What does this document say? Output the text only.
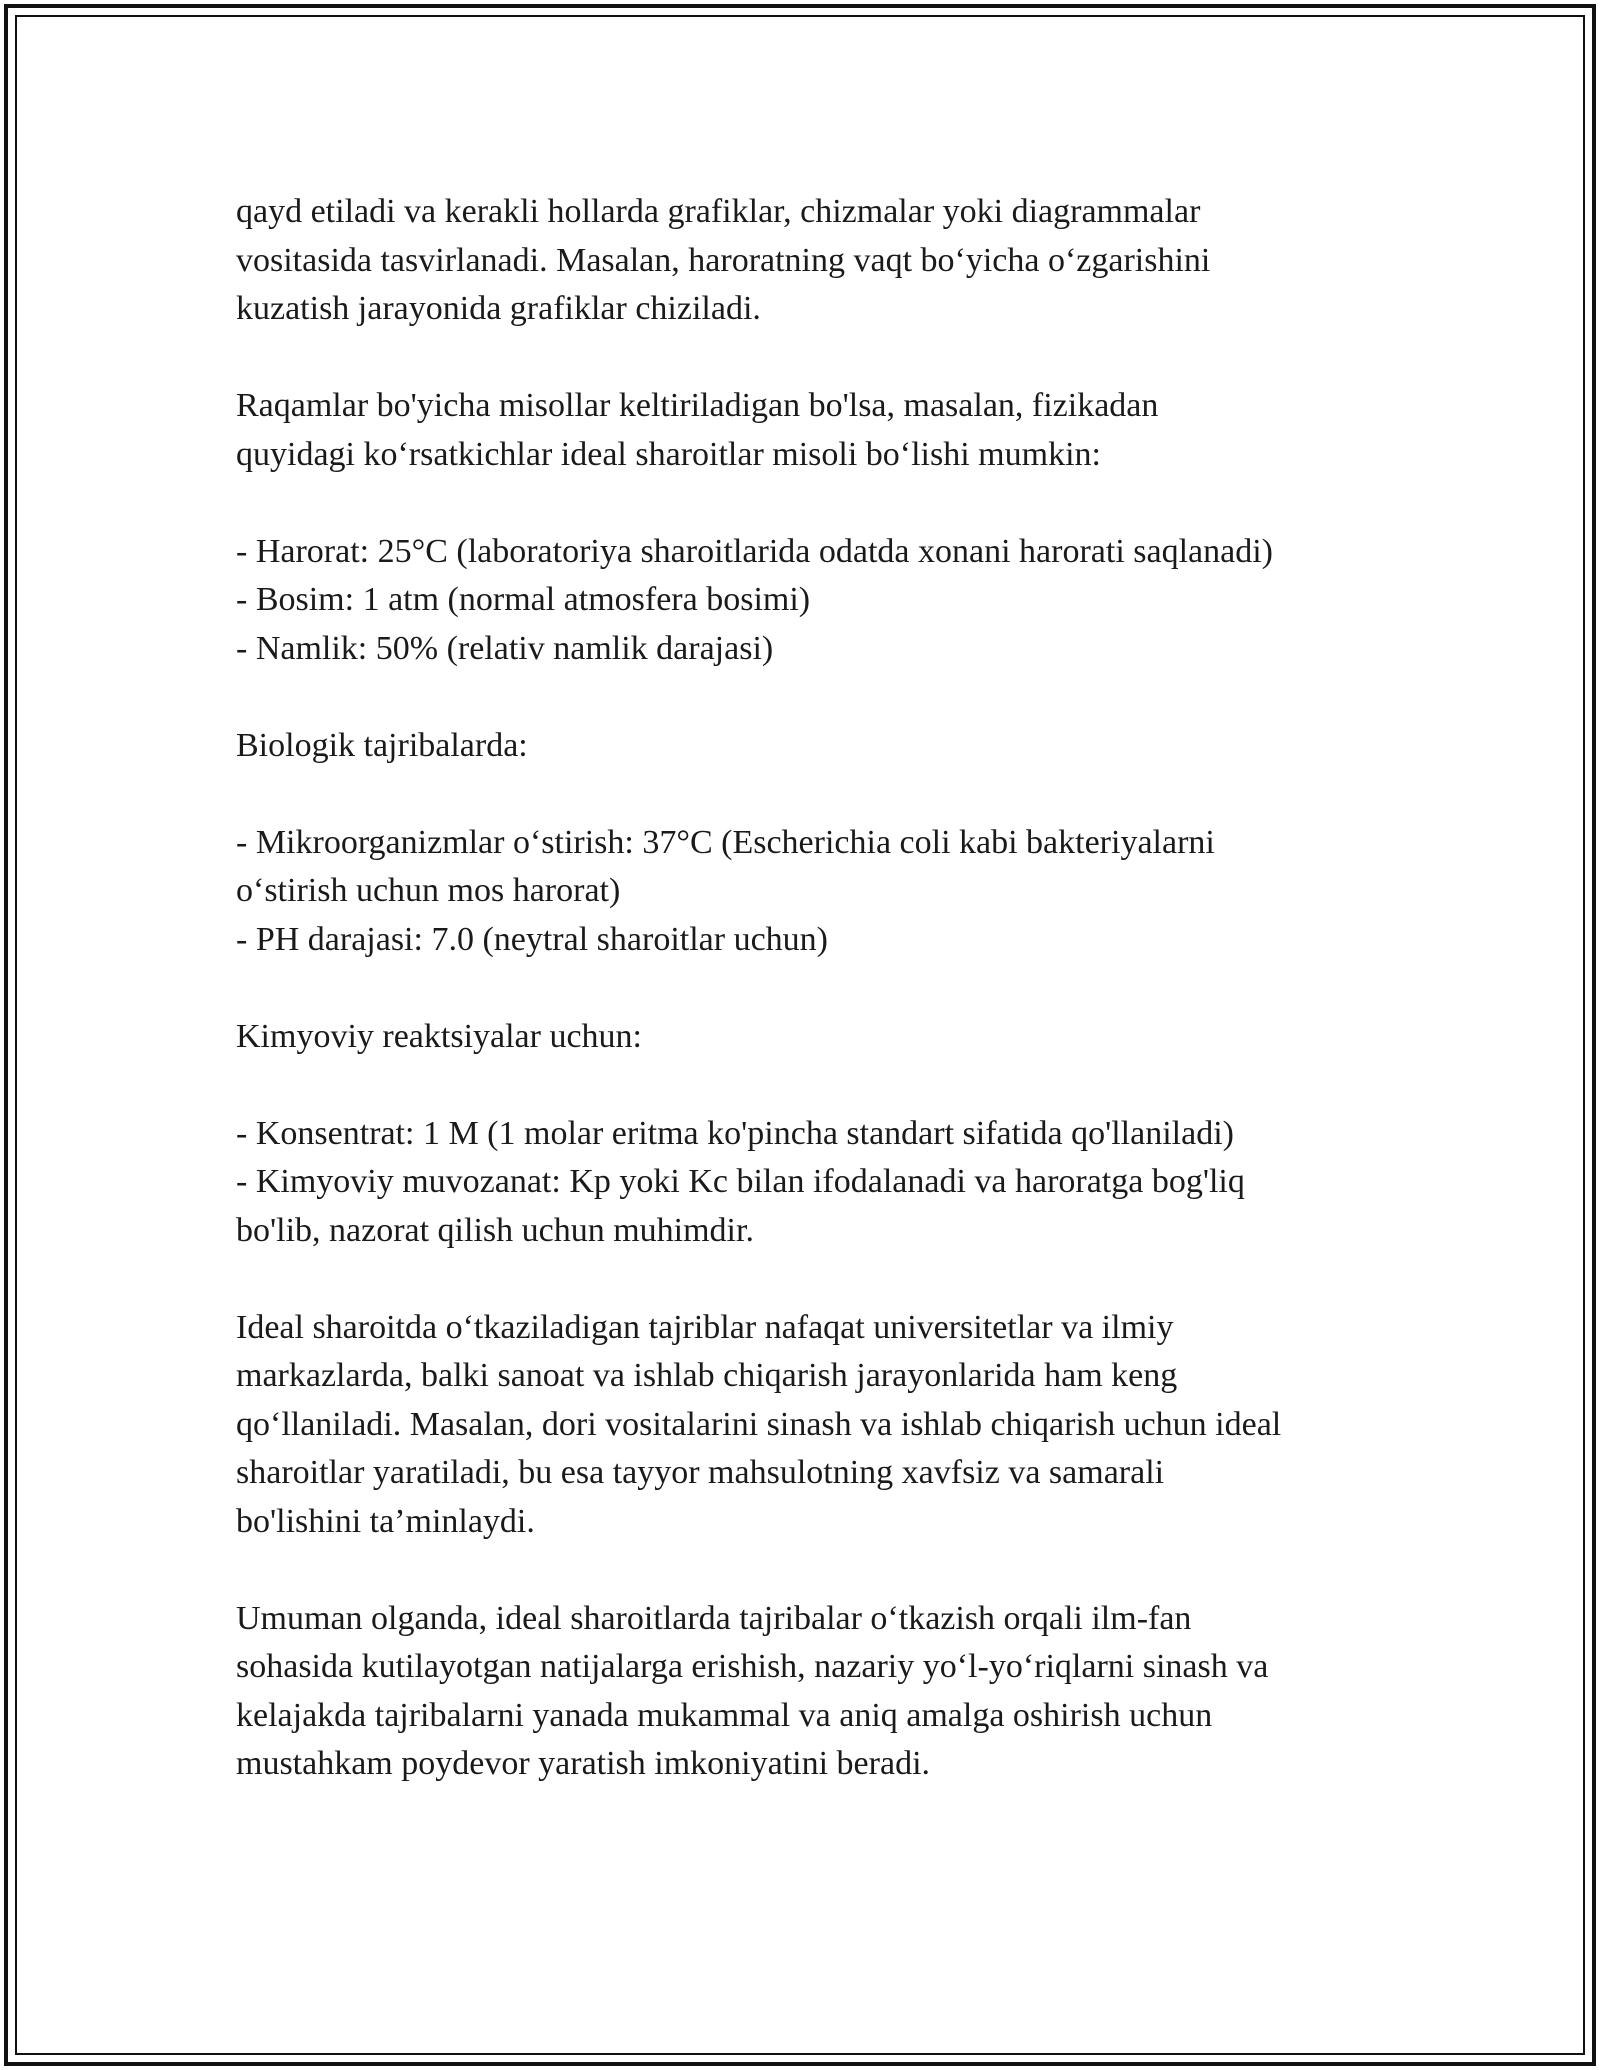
qayd etiladi va kerakli hollarda grafiklar, chizmalar yoki diagrammalar
vositasida tasvirlanadi. Masalan, haroratning vaqt bo‘yicha o‘zgarishini
kuzatish jarayonida grafiklar chiziladi.
Raqamlar bo'yicha misollar keltiriladigan bo'lsa, masalan, fizikadan
quyidagi ko‘rsatkichlar ideal sharoitlar misoli bo‘lishi mumkin:
- Harorat: 25°C (laboratoriya sharoitlarida odatda xonani harorati saqlanadi)
- Bosim: 1 atm (normal atmosfera bosimi)
- Namlik: 50% (relativ namlik darajasi)
Biologik tajribalarda:
- Mikroorganizmlar o‘stirish: 37°C (Escherichia coli kabi bakteriyalarni
o‘stirish uchun mos harorat)
- PH darajasi: 7.0 (neytral sharoitlar uchun)
Kimyoviy reaktsiyalar uchun:
- Konsentrat: 1 M (1 molar eritma ko'pincha standart sifatida qo'llaniladi)
- Kimyoviy muvozanat: Kp yoki Kc bilan ifodalanadi va haroratga bog'liq
bo'lib, nazorat qilish uchun muhimdir.
Ideal sharoitda o‘tkaziladigan tajriblar nafaqat universitetlar va ilmiy
markazlarda, balki sanoat va ishlab chiqarish jarayonlarida ham keng
qo‘llaniladi. Masalan, dori vositalarini sinash va ishlab chiqarish uchun ideal
sharoitlar yaratiladi, bu esa tayyor mahsulotning xavfsiz va samarali
bo'lishini ta’minlaydi.
Umuman olganda, ideal sharoitlarda tajribalar o‘tkazish orqali ilm-fan
sohasida kutilayotgan natijalarga erishish, nazariy yo‘l-yo‘riqlarni sinash va
kelajakda tajribalarni yanada mukammal va aniq amalga oshirish uchun
mustahkam poydevor yaratish imkoniyatini beradi.
